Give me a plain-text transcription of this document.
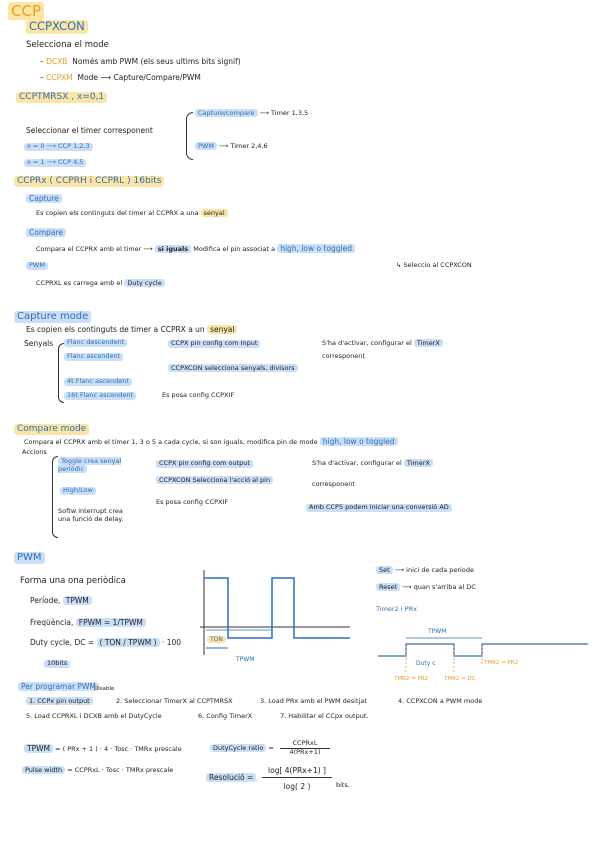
CCP
CCPXCON
Selecciona el mode
– DCXB Només amb PWM (els seus ultims bits signif)
– CCPXM Mode ⟶ Capture/Compare/PWM
CCPTMRSX , x=0,1
Seleccionar el timer corresponent
x = 0 ⟶ CCP 1,2,3
x = 1 ⟶ CCP 4,5
Capture/compare ⟶ Timer 1,3,5
PWM ⟶ Timer 2,4,6
CCPRx ( CCPRH i CCPRL ) 16bits
Capture
Es copien els continguts del timer al CCPRX a una senyal
Compare
Compara el CCPRX amb el timer ⟶ si iguals Modifica el pin associat a high, low o toggled
↳ Seleccio al CCPXCON
PWM
CCPRXL es carrega amb el Duty cycle
Capture mode
Es copien els continguts de timer a CCPRX a un senyal
Senyals	Flanc descendent
Flanc ascendent
4t Flanc ascendent
16t Flanc ascendent
CCPX pin config com Input
CCPXCON selecciona senyals, divisors
Es posa config CCPXIF
S'ha d'activar, configurar el TimerX
corresponent
Compare mode
Compara el CCPRX amb el timer 1, 3 o 5 a cada cycle, si son iguals, modifica pin de mode high, low o toggled
Accions
Toggle crea senyal periòdic
High/Low
Softw interrupt crea una funció de delay.
CCPX pin config com output
CCPXCON Selecciona l'acció al pin
Es posa config CCPXIF
S'ha d'activar, configurar el TimerX
corresponent
Amb CCP5 podem iniciar una conversió AD
PWM
Forma una ona periòdica
Període, TPWM
Freqüència, FPWM = 1/TPWM
Duty cycle, DC = ( TON / TPWM ) · 100
10bits
TON
TPWM
Set ⟶ inici de cada periode
Reset ⟶ quan s'arriba al DC
Timer2 i PRx
TPWM
Duty c
TMR2 = PR2	TMR2 = DC
TMR2 = PR2
Per programar PWM
Disable
1. CCPx pin output	2. Seleccionar TimerX al CCPTMRSX	3. Load PRx amb el PWM desitjat	4. CCPXCON a PWM mode
5. Load CCPRXL i DCXB amb el DutyCycle	6. Config TimerX	7. Habilitar el CCpx output.
TPWM = ( PRx + 1 ) · 4 · Tosc · TMRx prescale
Pulse width = CCPRxL · Tosc · TMRx prescale
DutyCycle ratio =
CCPRxL
4(PRx+1)
Resolució =
log[ 4(PRx+1) ]
log( 2 )	bits.
